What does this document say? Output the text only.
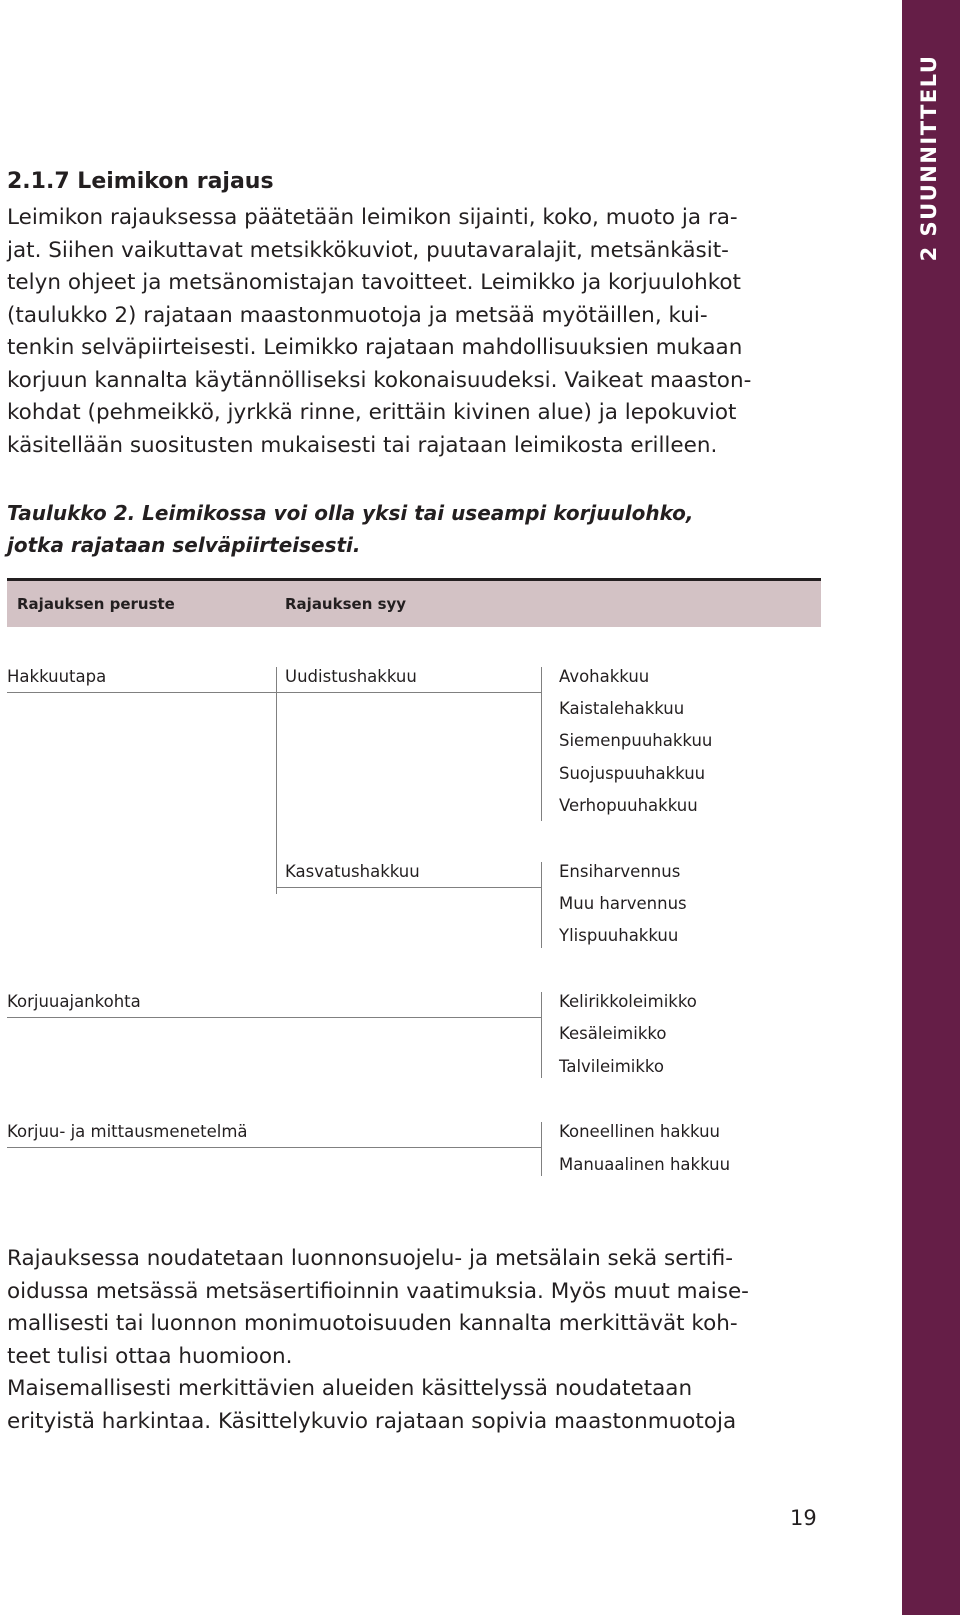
2 SUUNNITTELU
2.1.7 Leimikon rajaus

Leimikon rajauksessa päätetään leimikon sijainti, koko, muoto ja ra-
jat. Siihen vaikuttavat metsikkökuviot, puutavaralajit, metsänkäsit-
telyn ohjeet ja metsänomistajan tavoitteet. Leimikko ja korjuulohkot
(taulukko 2) rajataan maastonmuotoja ja metsää myötäillen, kui-
tenkin selväpiirteisesti. Leimikko rajataan mahdollisuuksien mukaan
korjuun kannalta käytännölliseksi kokonaisuudeksi. Vaikeat maaston-
kohdat (pehmeikkö, jyrkkä rinne, erittäin kivinen alue) ja lepokuviot
käsitellään suositusten mukaisesti tai rajataan leimikosta erilleen.

Taulukko 2. Leimikossa voi olla yksi tai useampi korjuulohko,
jotka rajataan selväpiirteisesti.

Rajauksen peruste	Rajauksen syy
Hakkuutapa	Uudistushakkuu	Avohakkuu
Kaistalehakkuu
Siemenpuuhakkuu
Suojuspuuhakkuu
Verhopuuhakkuu
Kasvatushakkuu	Ensiharvennus
Muu harvennus
Ylispuuhakkuu
Korjuuajankohta	Kelirikkoleimikko
Kesäleimikko
Talvileimikko
Korjuu- ja mittausmenetelmä	Koneellinen hakkuu
Manuaalinen hakkuu

Rajauksessa noudatetaan luonnonsuojelu- ja metsälain sekä sertifi-
oidussa metsässä metsäsertifioinnin vaatimuksia. Myös muut maise-
mallisesti tai luonnon monimuotoisuuden kannalta merkittävät koh-
teet tulisi ottaa huomioon.
Maisemallisesti merkittävien alueiden käsittelyssä noudatetaan
erityistä harkintaa. Käsittelykuvio rajataan sopivia maastonmuotoja

19
